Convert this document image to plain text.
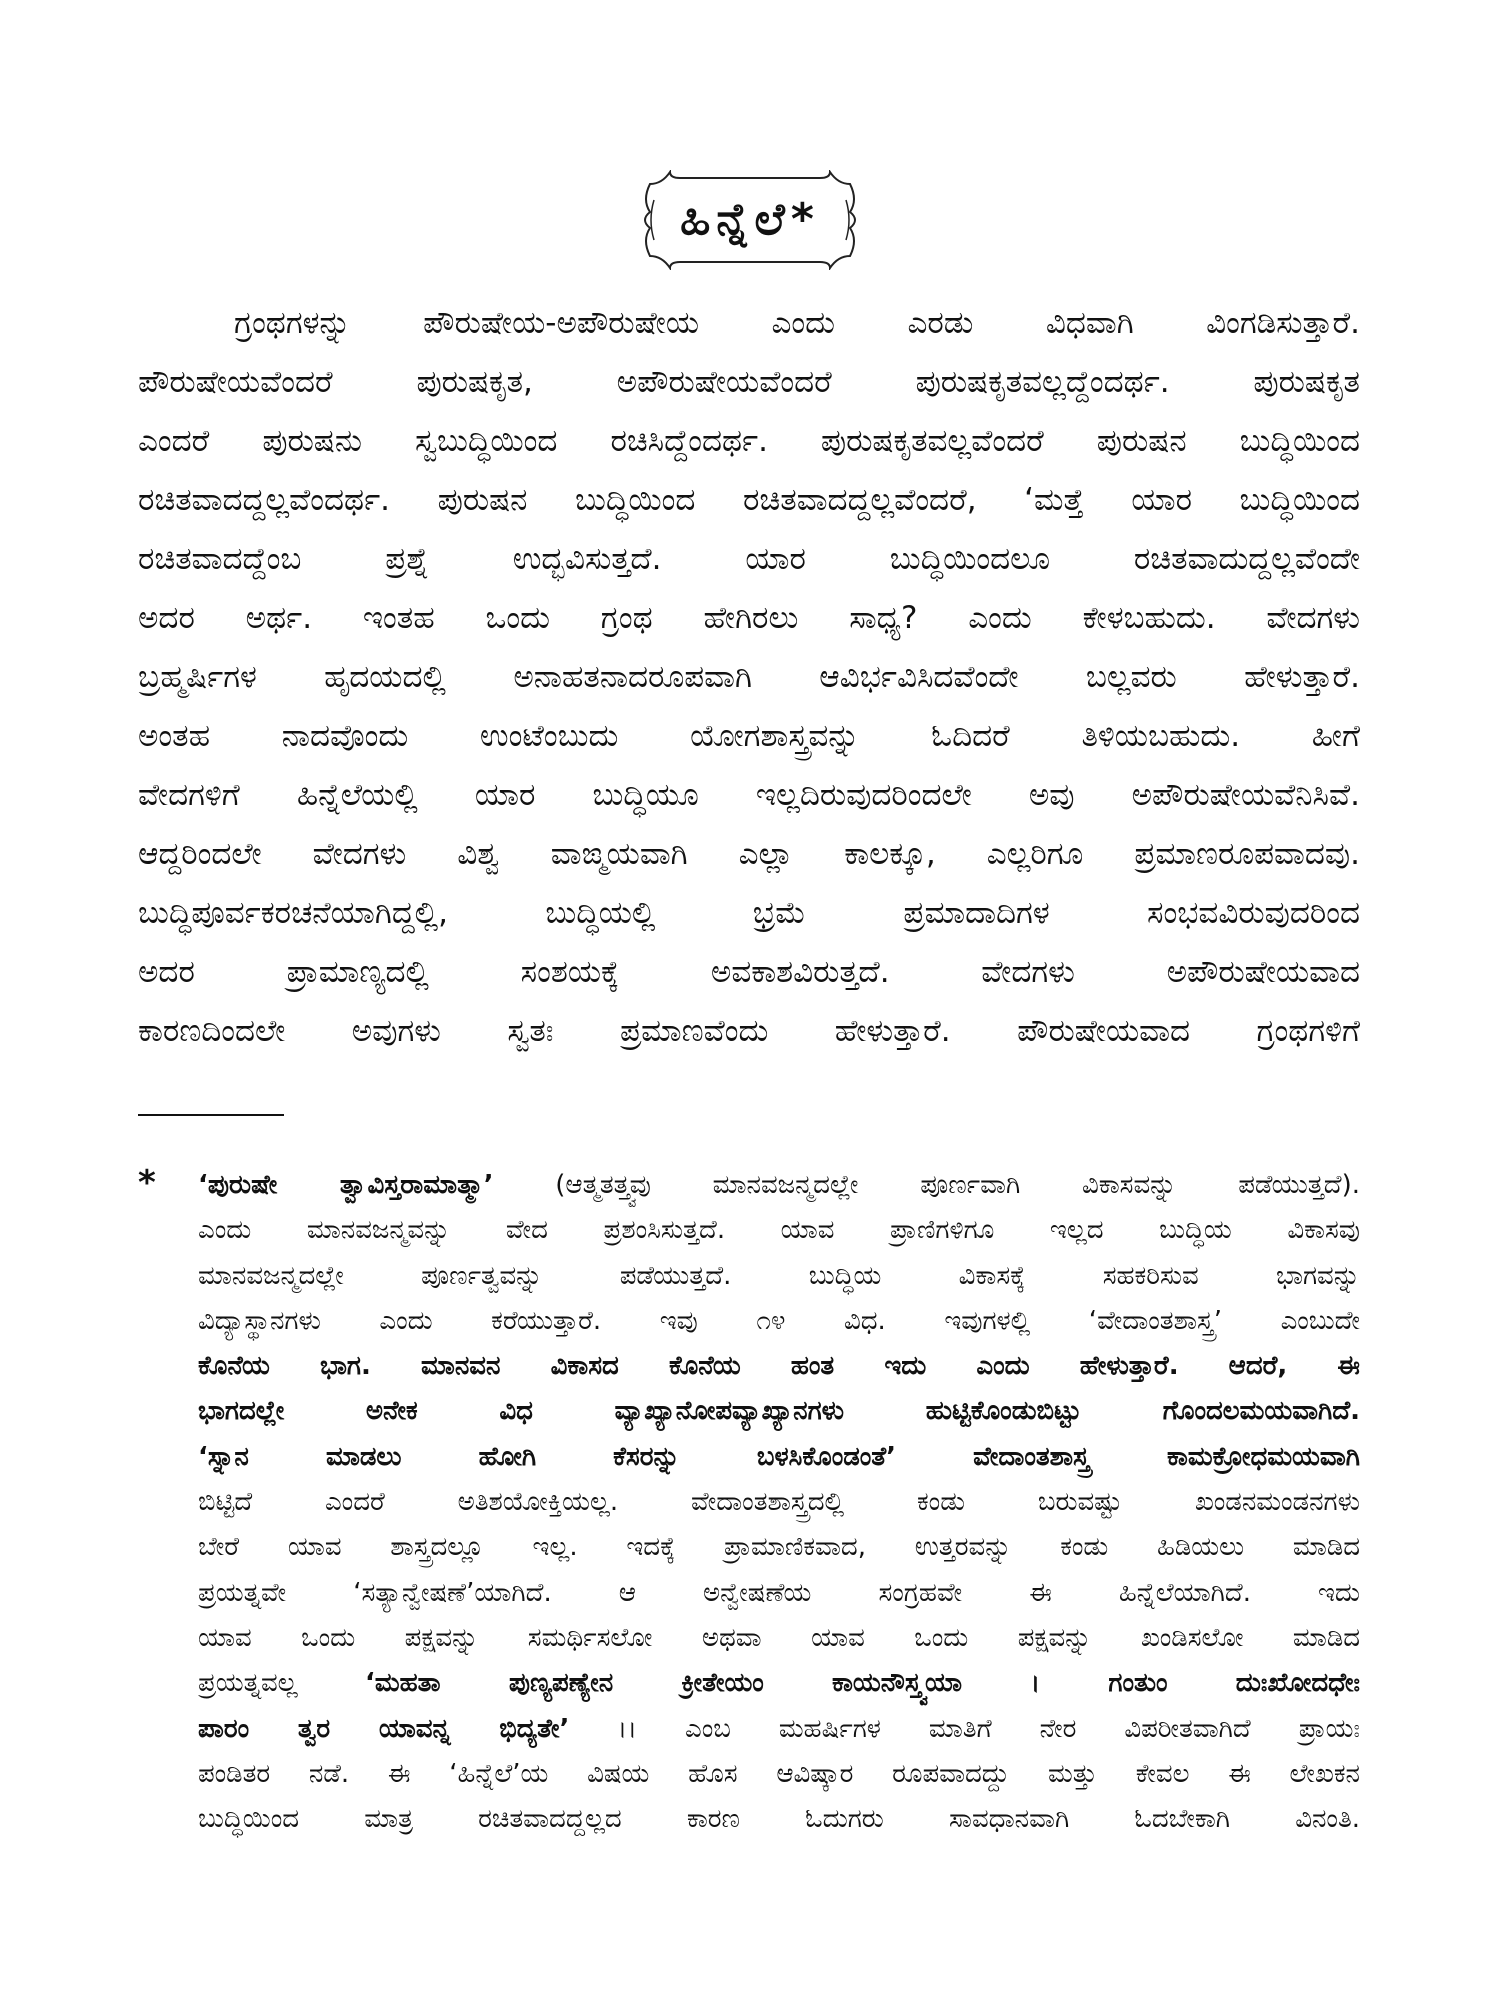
ಹಿನ್ನೆಲೆ*
ಗ್ರಂಥಗಳನ್ನು ಪೌರುಷೇಯ-ಅಪೌರುಷೇಯ ಎಂದು ಎರಡು ವಿಧವಾಗಿ ವಿಂಗಡಿಸುತ್ತಾರೆ.
ಪೌರುಷೇಯವೆಂದರೆ ಪುರುಷಕೃತ, ಅಪೌರುಷೇಯವೆಂದರೆ ಪುರುಷಕೃತವಲ್ಲದ್ದೆಂದರ್ಥ. ಪುರುಷಕೃತ
ಎಂದರೆ ಪುರುಷನು ಸ್ವಬುದ್ಧಿಯಿಂದ ರಚಿಸಿದ್ದೆಂದರ್ಥ. ಪುರುಷಕೃತವಲ್ಲವೆಂದರೆ ಪುರುಷನ ಬುದ್ಧಿಯಿಂದ
ರಚಿತವಾದದ್ದಲ್ಲವೆಂದರ್ಥ. ಪುರುಷನ ಬುದ್ಧಿಯಿಂದ ರಚಿತವಾದದ್ದಲ್ಲವೆಂದರೆ, ‘ಮತ್ತೆ ಯಾರ ಬುದ್ಧಿಯಿಂದ
ರಚಿತವಾದದ್ದೆಂಬ ಪ್ರಶ್ನೆ ಉದ್ಭವಿಸುತ್ತದೆ. ಯಾರ ಬುದ್ಧಿಯಿಂದಲೂ ರಚಿತವಾದುದ್ದಲ್ಲವೆಂದೇ
ಅದರ ಅರ್ಥ. ಇಂತಹ ಒಂದು ಗ್ರಂಥ ಹೇಗಿರಲು ಸಾಧ್ಯ? ಎಂದು ಕೇಳಬಹುದು. ವೇದಗಳು
ಬ್ರಹ್ಮರ್ಷಿಗಳ ಹೃದಯದಲ್ಲಿ ಅನಾಹತನಾದರೂಪವಾಗಿ ಆವಿರ್ಭವಿಸಿದವೆಂದೇ ಬಲ್ಲವರು ಹೇಳುತ್ತಾರೆ.
ಅಂತಹ ನಾದವೊಂದು ಉಂಟೆಂಬುದು ಯೋಗಶಾಸ್ತ್ರವನ್ನು ಓದಿದರೆ ತಿಳಿಯಬಹುದು. ಹೀಗೆ
ವೇದಗಳಿಗೆ ಹಿನ್ನೆಲೆಯಲ್ಲಿ ಯಾರ ಬುದ್ಧಿಯೂ ಇಲ್ಲದಿರುವುದರಿಂದಲೇ ಅವು ಅಪೌರುಷೇಯವೆನಿಸಿವೆ.
ಆದ್ದರಿಂದಲೇ ವೇದಗಳು ವಿಶ್ವ ವಾಙ್ಮಯವಾಗಿ ಎಲ್ಲಾ ಕಾಲಕ್ಕೂ, ಎಲ್ಲರಿಗೂ ಪ್ರಮಾಣರೂಪವಾದವು.
ಬುದ್ಧಿಪೂರ್ವಕರಚನೆಯಾಗಿದ್ದಲ್ಲಿ, ಬುದ್ಧಿಯಲ್ಲಿ ಭ್ರಮೆ ಪ್ರಮಾದಾದಿಗಳ ಸಂಭವವಿರುವುದರಿಂದ
ಅದರ ಪ್ರಾಮಾಣ್ಯದಲ್ಲಿ ಸಂಶಯಕ್ಕೆ ಅವಕಾಶವಿರುತ್ತದೆ. ವೇದಗಳು ಅಪೌರುಷೇಯವಾದ
ಕಾರಣದಿಂದಲೇ ಅವುಗಳು ಸ್ವತಃ ಪ್ರಮಾಣವೆಂದು ಹೇಳುತ್ತಾರೆ. ಪೌರುಷೇಯವಾದ ಗ್ರಂಥಗಳಿಗೆ
* ‘ಪುರುಷೇ ತ್ವಾವಿಸ್ತರಾಮಾತ್ಮಾ’ (ಆತ್ಮತತ್ತ್ವವು ಮಾನವಜನ್ಮದಲ್ಲೇ ಪೂರ್ಣವಾಗಿ ವಿಕಾಸವನ್ನು ಪಡೆಯುತ್ತದೆ).
ಎಂದು ಮಾನವಜನ್ಮವನ್ನು ವೇದ ಪ್ರಶಂಸಿಸುತ್ತದೆ. ಯಾವ ಪ್ರಾಣಿಗಳಿಗೂ ಇಲ್ಲದ ಬುದ್ಧಿಯ ವಿಕಾಸವು
ಮಾನವಜನ್ಮದಲ್ಲೇ ಪೂರ್ಣತ್ವವನ್ನು ಪಡೆಯುತ್ತದೆ. ಬುದ್ಧಿಯ ವಿಕಾಸಕ್ಕೆ ಸಹಕರಿಸುವ ಭಾಗವನ್ನು
ವಿದ್ಯಾಸ್ಥಾನಗಳು ಎಂದು ಕರೆಯುತ್ತಾರೆ. ಇವು ೧೪ ವಿಧ. ಇವುಗಳಲ್ಲಿ ‘ವೇದಾಂತಶಾಸ್ತ್ರ’ ಎಂಬುದೇ
ಕೊನೆಯ ಭಾಗ. ಮಾನವನ ವಿಕಾಸದ ಕೊನೆಯ ಹಂತ ಇದು ಎಂದು ಹೇಳುತ್ತಾರೆ. ಆದರೆ, ಈ
ಭಾಗದಲ್ಲೇ ಅನೇಕ ವಿಧ ವ್ಯಾಖ್ಯಾನೋಪವ್ಯಾಖ್ಯಾನಗಳು ಹುಟ್ಟಿಕೊಂಡುಬಿಟ್ಟು ಗೊಂದಲಮಯವಾಗಿದೆ.
‘ಸ್ನಾನ ಮಾಡಲು ಹೋಗಿ ಕೆಸರನ್ನು ಬಳಸಿಕೊಂಡಂತೆ’ ವೇದಾಂತಶಾಸ್ತ್ರ ಕಾಮಕ್ರೋಧಮಯವಾಗಿ
ಬಿಟ್ಟಿದೆ ಎಂದರೆ ಅತಿಶಯೋಕ್ತಿಯಲ್ಲ. ವೇದಾಂತಶಾಸ್ತ್ರದಲ್ಲಿ ಕಂಡು ಬರುವಷ್ಟು ಖಂಡನಮಂಡನಗಳು
ಬೇರೆ ಯಾವ ಶಾಸ್ತ್ರದಲ್ಲೂ ಇಲ್ಲ. ಇದಕ್ಕೆ ಪ್ರಾಮಾಣಿಕವಾದ, ಉತ್ತರವನ್ನು ಕಂಡು ಹಿಡಿಯಲು ಮಾಡಿದ
ಪ್ರಯತ್ನವೇ ‘ಸತ್ಯಾನ್ವೇಷಣೆ’ಯಾಗಿದೆ. ಆ ಅನ್ವೇಷಣೆಯ ಸಂಗ್ರಹವೇ ಈ ಹಿನ್ನೆಲೆಯಾಗಿದೆ. ಇದು
ಯಾವ ಒಂದು ಪಕ್ಷವನ್ನು ಸಮರ್ಥಿಸಲೋ ಅಥವಾ ಯಾವ ಒಂದು ಪಕ್ಷವನ್ನು ಖಂಡಿಸಲೋ ಮಾಡಿದ
ಪ್ರಯತ್ನವಲ್ಲ ‘ಮಹತಾ ಪುಣ್ಯಪಣ್ಯೇನ ಕ್ರೀತೇಯಂ ಕಾಯನೌಸ್ತ್ವಯಾ । ಗಂತುಂ ದುಃಖೋದಧೇಃ
ಪಾರಂ ತ್ವರ ಯಾವನ್ನ ಭಿದ್ಯತೇ’ ।। ಎಂಬ ಮಹರ್ಷಿಗಳ ಮಾತಿಗೆ ನೇರ ವಿಪರೀತವಾಗಿದೆ ಪ್ರಾಯಃ
ಪಂಡಿತರ ನಡೆ. ಈ ‘ಹಿನ್ನೆಲೆ’ಯ ವಿಷಯ ಹೊಸ ಆವಿಷ್ಕಾರ ರೂಪವಾದದ್ದು ಮತ್ತು ಕೇವಲ ಈ ಲೇಖಕನ
ಬುದ್ಧಿಯಿಂದ ಮಾತ್ರ ರಚಿತವಾದದ್ದಲ್ಲದ ಕಾರಣ ಓದುಗರು ಸಾವಧಾನವಾಗಿ ಓದಬೇಕಾಗಿ ವಿನಂತಿ.
